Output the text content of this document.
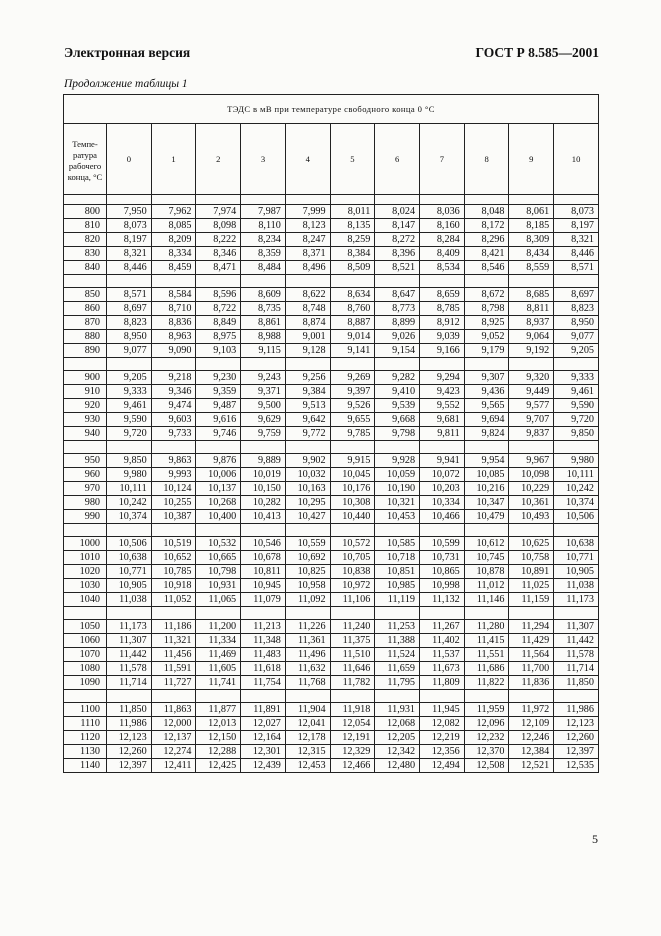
Электронная версия	ГОСТ Р 8.585—2001
Продолжение таблицы 1
ТЭДС в мВ при температуре свободного конца 0 °С											
Темпе-ратура рабочего конца, °С	0	1	2	3	4	5	6	7	8	9	10

800	7,950	7,962	7,974	7,987	7,999	8,011	8,024	8,036	8,048	8,061	8,073
810	8,073	8,085	8,098	8,110	8,123	8,135	8,147	8,160	8,172	8,185	8,197
820	8,197	8,209	8,222	8,234	8,247	8,259	8,272	8,284	8,296	8,309	8,321
830	8,321	8,334	8,346	8,359	8,371	8,384	8,396	8,409	8,421	8,434	8,446
840	8,446	8,459	8,471	8,484	8,496	8,509	8,521	8,534	8,546	8,559	8,571

850	8,571	8,584	8,596	8,609	8,622	8,634	8,647	8,659	8,672	8,685	8,697
860	8,697	8,710	8,722	8,735	8,748	8,760	8,773	8,785	8,798	8,811	8,823
870	8,823	8,836	8,849	8,861	8,874	8,887	8,899	8,912	8,925	8,937	8,950
880	8,950	8,963	8,975	8,988	9,001	9,014	9,026	9,039	9,052	9,064	9,077
890	9,077	9,090	9,103	9,115	9,128	9,141	9,154	9,166	9,179	9,192	9,205

900	9,205	9,218	9,230	9,243	9,256	9,269	9,282	9,294	9,307	9,320	9,333
910	9,333	9,346	9,359	9,371	9,384	9,397	9,410	9,423	9,436	9,449	9,461
920	9,461	9,474	9,487	9,500	9,513	9,526	9,539	9,552	9,565	9,577	9,590
930	9,590	9,603	9,616	9,629	9,642	9,655	9,668	9,681	9,694	9,707	9,720
940	9,720	9,733	9,746	9,759	9,772	9,785	9,798	9,811	9,824	9,837	9,850

950	9,850	9,863	9,876	9,889	9,902	9,915	9,928	9,941	9,954	9,967	9,980
960	9,980	9,993	10,006	10,019	10,032	10,045	10,059	10,072	10,085	10,098	10,111
970	10,111	10,124	10,137	10,150	10,163	10,176	10,190	10,203	10,216	10,229	10,242
980	10,242	10,255	10,268	10,282	10,295	10,308	10,321	10,334	10,347	10,361	10,374
990	10,374	10,387	10,400	10,413	10,427	10,440	10,453	10,466	10,479	10,493	10,506

1000	10,506	10,519	10,532	10,546	10,559	10,572	10,585	10,599	10,612	10,625	10,638
1010	10,638	10,652	10,665	10,678	10,692	10,705	10,718	10,731	10,745	10,758	10,771
1020	10,771	10,785	10,798	10,811	10,825	10,838	10,851	10,865	10,878	10,891	10,905
1030	10,905	10,918	10,931	10,945	10,958	10,972	10,985	10,998	11,012	11,025	11,038
1040	11,038	11,052	11,065	11,079	11,092	11,106	11,119	11,132	11,146	11,159	11,173

1050	11,173	11,186	11,200	11,213	11,226	11,240	11,253	11,267	11,280	11,294	11,307
1060	11,307	11,321	11,334	11,348	11,361	11,375	11,388	11,402	11,415	11,429	11,442
1070	11,442	11,456	11,469	11,483	11,496	11,510	11,524	11,537	11,551	11,564	11,578
1080	11,578	11,591	11,605	11,618	11,632	11,646	11,659	11,673	11,686	11,700	11,714
1090	11,714	11,727	11,741	11,754	11,768	11,782	11,795	11,809	11,822	11,836	11,850

1100	11,850	11,863	11,877	11,891	11,904	11,918	11,931	11,945	11,959	11,972	11,986
1110	11,986	12,000	12,013	12,027	12,041	12,054	12,068	12,082	12,096	12,109	12,123
1120	12,123	12,137	12,150	12,164	12,178	12,191	12,205	12,219	12,232	12,246	12,260
1130	12,260	12,274	12,288	12,301	12,315	12,329	12,342	12,356	12,370	12,384	12,397
1140	12,397	12,411	12,425	12,439	12,453	12,466	12,480	12,494	12,508	12,521	12,535
5
